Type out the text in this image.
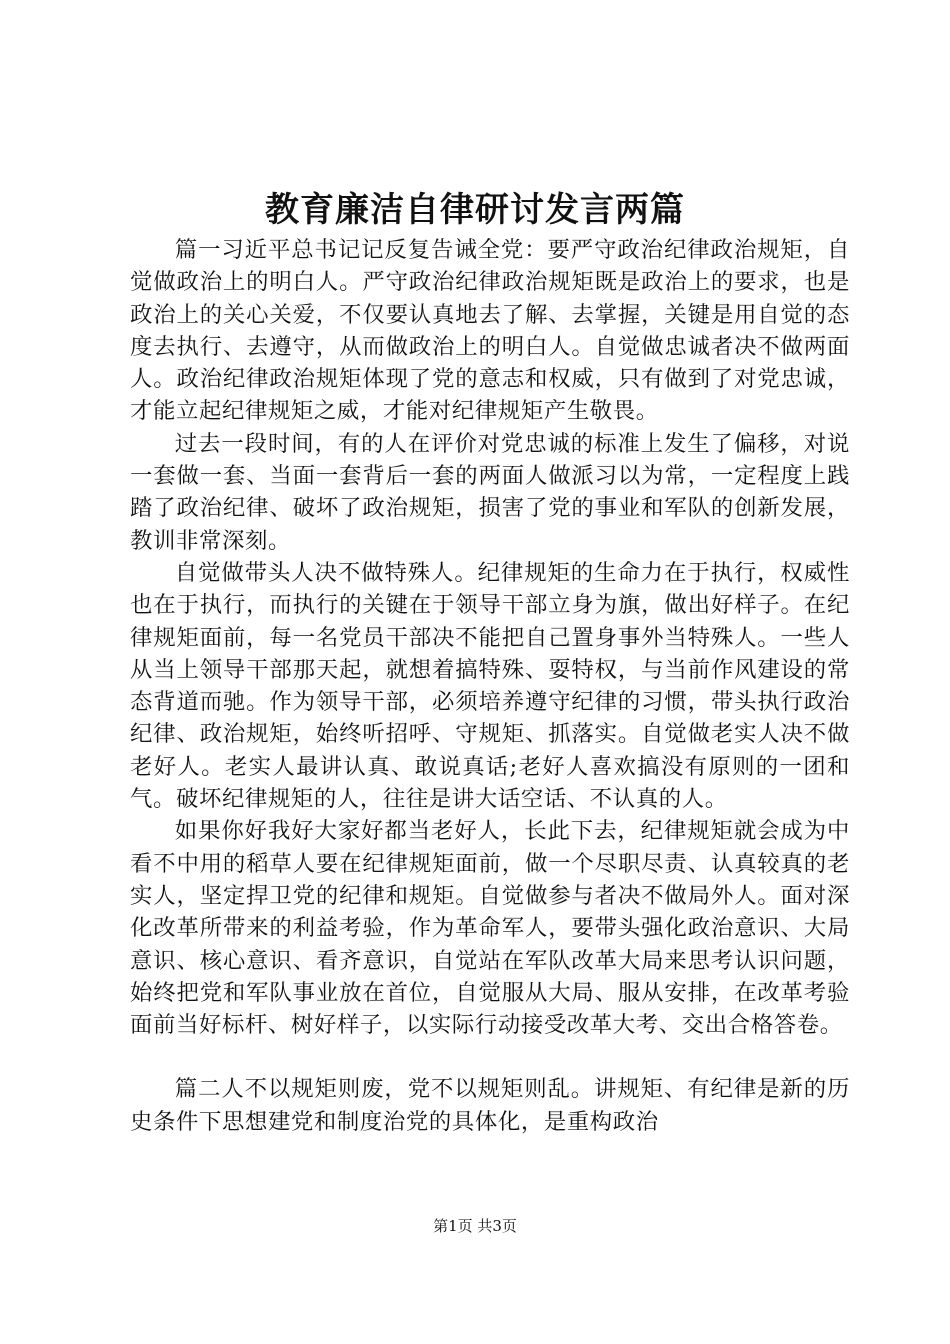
教育廉洁自律研讨发言两篇

篇一习近平总书记记反复告诫全党：要严守政治纪律政治规矩，自觉做政治上的明白人。严守政治纪律政治规矩既是政治上的要求，也是政治上的关心关爱，不仅要认真地去了解、去掌握，关键是用自觉的态度去执行、去遵守，从而做政治上的明白人。自觉做忠诚者决不做两面人。政治纪律政治规矩体现了党的意志和权威，只有做到了对党忠诚，才能立起纪律规矩之威，才能对纪律规矩产生敬畏。

过去一段时间，有的人在评价对党忠诚的标准上发生了偏移，对说一套做一套、当面一套背后一套的两面人做派习以为常，一定程度上践踏了政治纪律、破坏了政治规矩，损害了党的事业和军队的创新发展，教训非常深刻。

自觉做带头人决不做特殊人。纪律规矩的生命力在于执行，权威性也在于执行，而执行的关键在于领导干部立身为旗，做出好样子。在纪律规矩面前，每一名党员干部决不能把自己置身事外当特殊人。一些人从当上领导干部那天起，就想着搞特殊、耍特权，与当前作风建设的常态背道而驰。作为领导干部，必须培养遵守纪律的习惯，带头执行政治纪律、政治规矩，始终听招呼、守规矩、抓落实。自觉做老实人决不做老好人。老实人最讲认真、敢说真话;老好人喜欢搞没有原则的一团和气。破坏纪律规矩的人，往往是讲大话空话、不认真的人。

如果你好我好大家好都当老好人，长此下去，纪律规矩就会成为中看不中用的稻草人要在纪律规矩面前，做一个尽职尽责、认真较真的老实人，坚定捍卫党的纪律和规矩。自觉做参与者决不做局外人。面对深化改革所带来的利益考验，作为革命军人，要带头强化政治意识、大局意识、核心意识、看齐意识，自觉站在军队改革大局来思考认识问题，始终把党和军队事业放在首位，自觉服从大局、服从安排，在改革考验面前当好标杆、树好样子，以实际行动接受改革大考、交出合格答卷。

篇二人不以规矩则废，党不以规矩则乱。讲规矩、有纪律是新的历史条件下思想建党和制度治党的具体化，是重构政治

第1页 共3页
